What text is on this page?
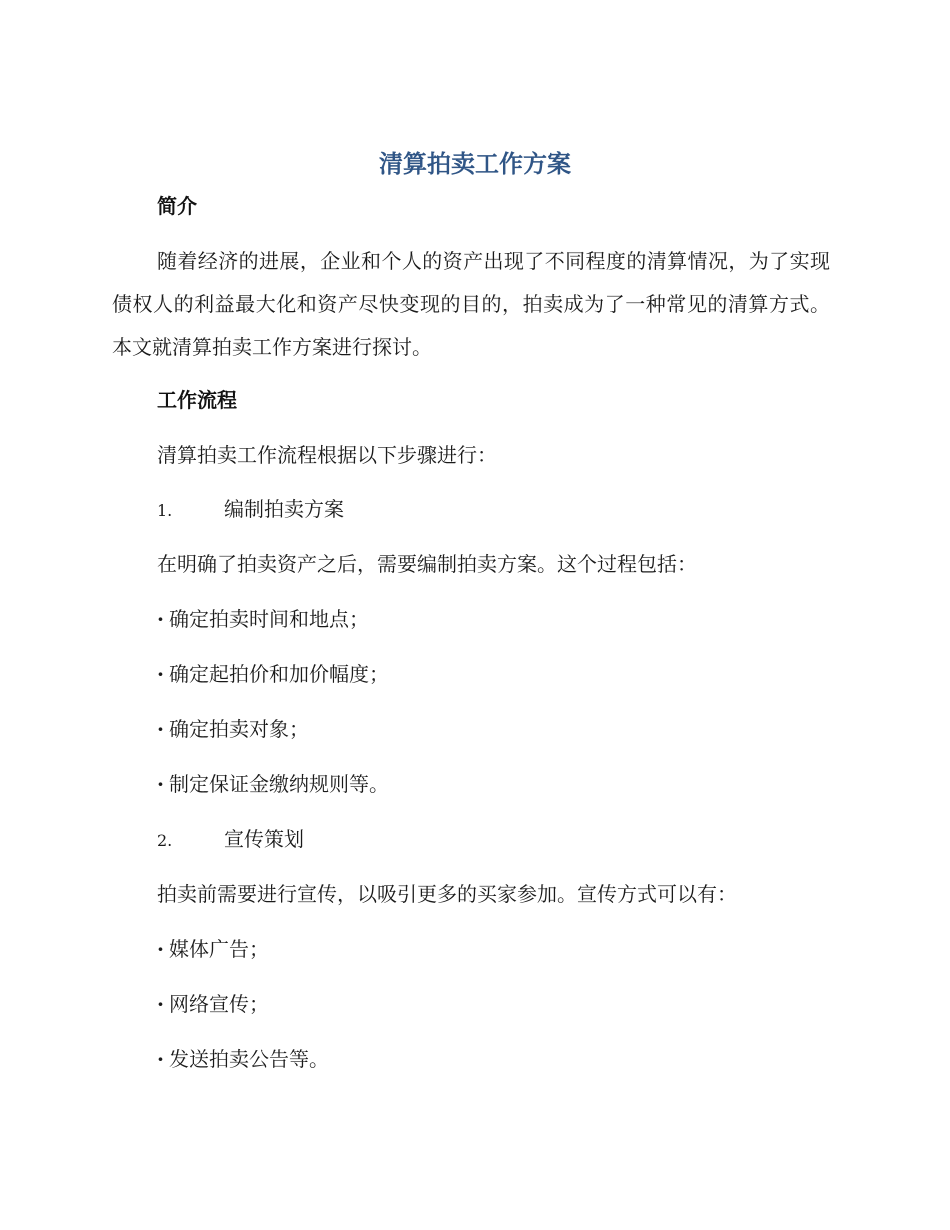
清算拍卖工作方案
简介
随着经济的进展，企业和个人的资产出现了不同程度的清算情况，为了实现债权人的利益最大化和资产尽快变现的目的，拍卖成为了一种常见的清算方式。本文就清算拍卖工作方案进行探讨。
工作流程
清算拍卖工作流程根据以下步骤进行：
1.	编制拍卖方案
在明确了拍卖资产之后，需要编制拍卖方案。这个过程包括：
· 确定拍卖时间和地点；
· 确定起拍价和加价幅度；
· 确定拍卖对象；
· 制定保证金缴纳规则等。
2.	宣传策划
拍卖前需要进行宣传，以吸引更多的买家参加。宣传方式可以有：
· 媒体广告；
· 网络宣传；
· 发送拍卖公告等。
